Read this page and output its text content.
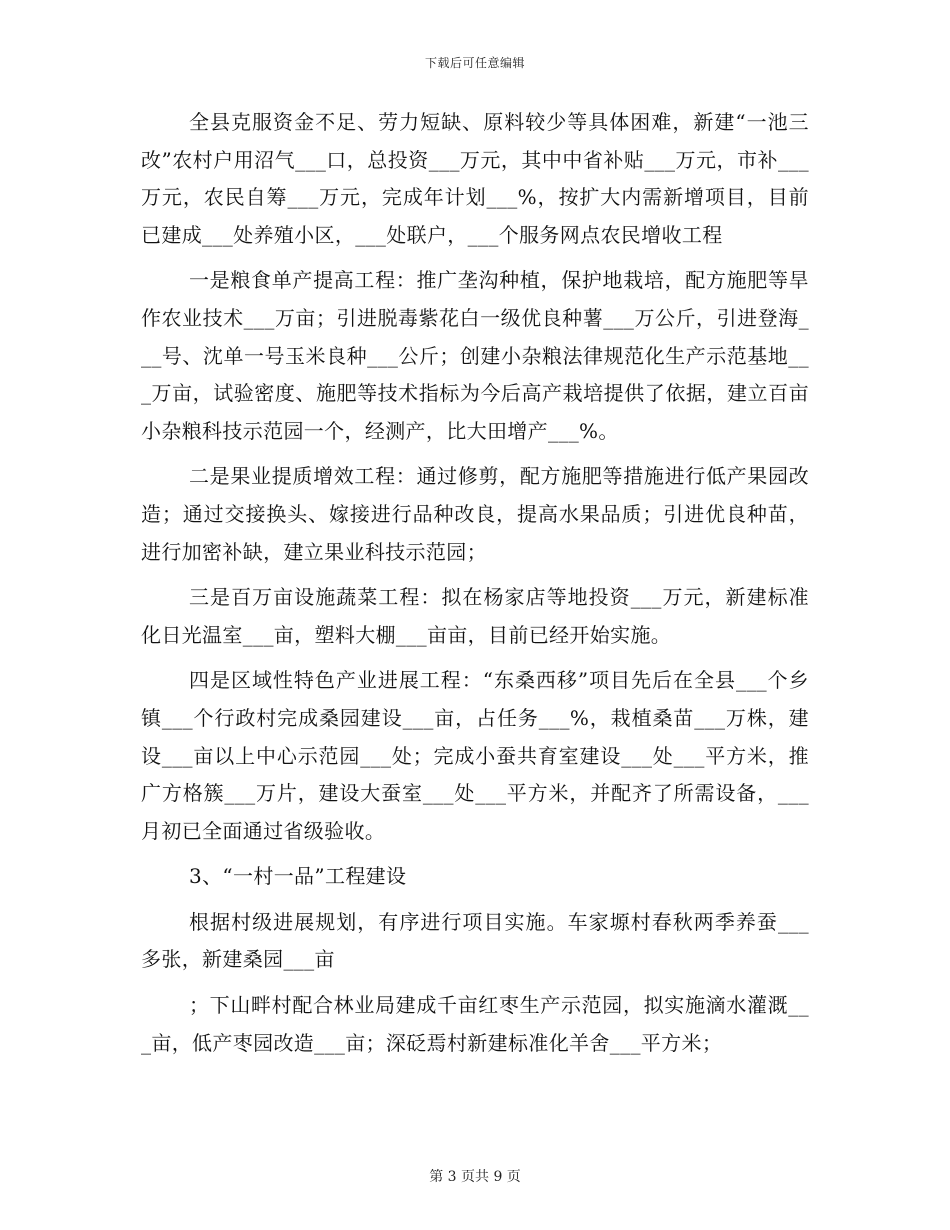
下载后可任意编辑

全县克服资金不足、劳力短缺、原料较少等具体困难，新建“一池三改”农村户用沼气___口，总投资___万元，其中中省补贴___万元，市补___万元，农民自筹___万元，完成年计划___%，按扩大内需新增项目，目前已建成___处养殖小区，___处联户，___个服务网点农民增收工程

一是粮食单产提高工程：推广垄沟种植，保护地栽培，配方施肥等旱作农业技术___万亩；引进脱毒紫花白一级优良种薯___万公斤，引进登海___号、沈单一号玉米良种___公斤；创建小杂粮法律规范化生产示范基地___万亩，试验密度、施肥等技术指标为今后高产栽培提供了依据，建立百亩小杂粮科技示范园一个，经测产，比大田增产___%。

二是果业提质增效工程：通过修剪，配方施肥等措施进行低产果园改造；通过交接换头、嫁接进行品种改良，提高水果品质；引进优良种苗，进行加密补缺，建立果业科技示范园；

三是百万亩设施蔬菜工程：拟在杨家店等地投资___万元，新建标准化日光温室___亩，塑料大棚___亩亩，目前已经开始实施。

四是区域性特色产业进展工程：“东桑西移”项目先后在全县___个乡镇___个行政村完成桑园建设___亩，占任务___%，栽植桑苗___万株，建设___亩以上中心示范园___处；完成小蚕共育室建设___处___平方米，推广方格簇___万片，建设大蚕室___处___平方米，并配齐了所需设备，___月初已全面通过省级验收。

3、“一村一品”工程建设

根据村级进展规划，有序进行项目实施。车家塬村春秋两季养蚕___多张，新建桑园___亩

；下山畔村配合林业局建成千亩红枣生产示范园，拟实施滴水灌溉___亩，低产枣园改造___亩；深砭焉村新建标准化羊舍___平方米；

第 3 页共 9 页
